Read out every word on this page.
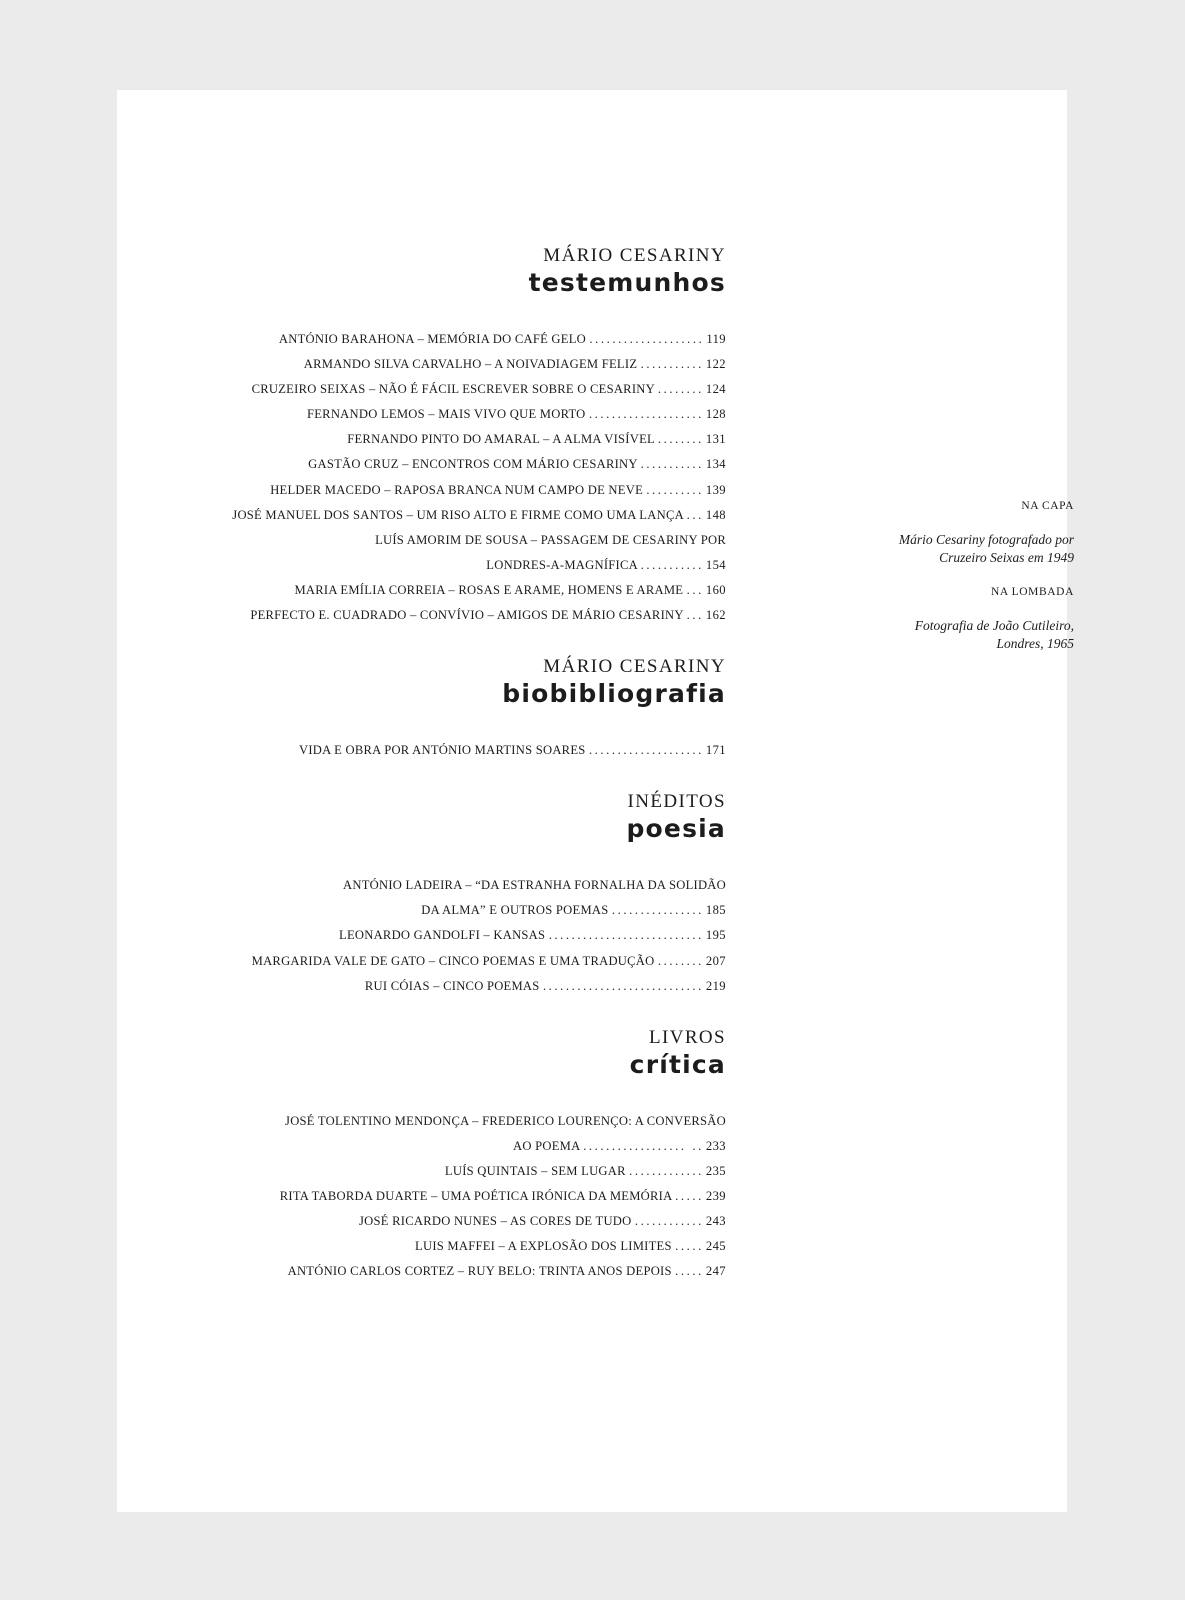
MÁRIO CESARINY
testemunhos
ANTÓNIO BARAHONA – MEMÓRIA DO CAFÉ GELO .................... 119
ARMANDO SILVA CARVALHO – A NOIVADIAGEM FELIZ ........... 122
CRUZEIRO SEIXAS – NÃO É FÁCIL ESCREVER SOBRE O CESARINY ........ 124
FERNANDO LEMOS – MAIS VIVO QUE MORTO .................... 128
FERNANDO PINTO DO AMARAL – A ALMA VISÍVEL ........ 131
GASTÃO CRUZ – ENCONTROS COM MÁRIO CESARINY ........... 134
HELDER MACEDO – RAPOSA BRANCA NUM CAMPO DE NEVE .......... 139
JOSÉ MANUEL DOS SANTOS – UM RISO ALTO E FIRME COMO UMA LANÇA ... 148
LUÍS AMORIM DE SOUSA – PASSAGEM DE CESARINY POR
LONDRES-A-MAGNÍFICA ........... 154
MARIA EMÍLIA CORREIA – ROSAS E ARAME, HOMENS E ARAME ... 160
PERFECTO E. CUADRADO – CONVÍVIO – AMIGOS DE MÁRIO CESARINY ... 162
MÁRIO CESARINY
biobibliografia
VIDA E OBRA POR ANTÓNIO MARTINS SOARES .................... 171
INÉDITOS
poesia
ANTÓNIO LADEIRA – “DA ESTRANHA FORNALHA DA SOLIDÃO
DA ALMA” E OUTROS POEMAS ................ 185
LEONARDO GANDOLFI – KANSAS ........................... 195
MARGARIDA VALE DE GATO – CINCO POEMAS E UMA TRADUÇÃO ........ 207
RUI CÓIAS – CINCO POEMAS ............................ 219
LIVROS
crítica
JOSÉ TOLENTINO MENDONÇA – FREDERICO LOURENÇO: A CONVERSÃO
AO POEMA .................. .. 233
LUÍS QUINTAIS – SEM LUGAR ............. 235
RITA TABORDA DUARTE – UMA POÉTICA IRÓNICA DA MEMÓRIA ..... 239
JOSÉ RICARDO NUNES – AS CORES DE TUDO ............ 243
LUIS MAFFEI – A EXPLOSÃO DOS LIMITES ..... 245
ANTÓNIO CARLOS CORTEZ – RUY BELO: TRINTA ANOS DEPOIS ..... 247
NA CAPA
Mário Cesariny fotografado por
Cruzeiro Seixas em 1949
NA LOMBADA
Fotografia de João Cutileiro,
Londres, 1965
